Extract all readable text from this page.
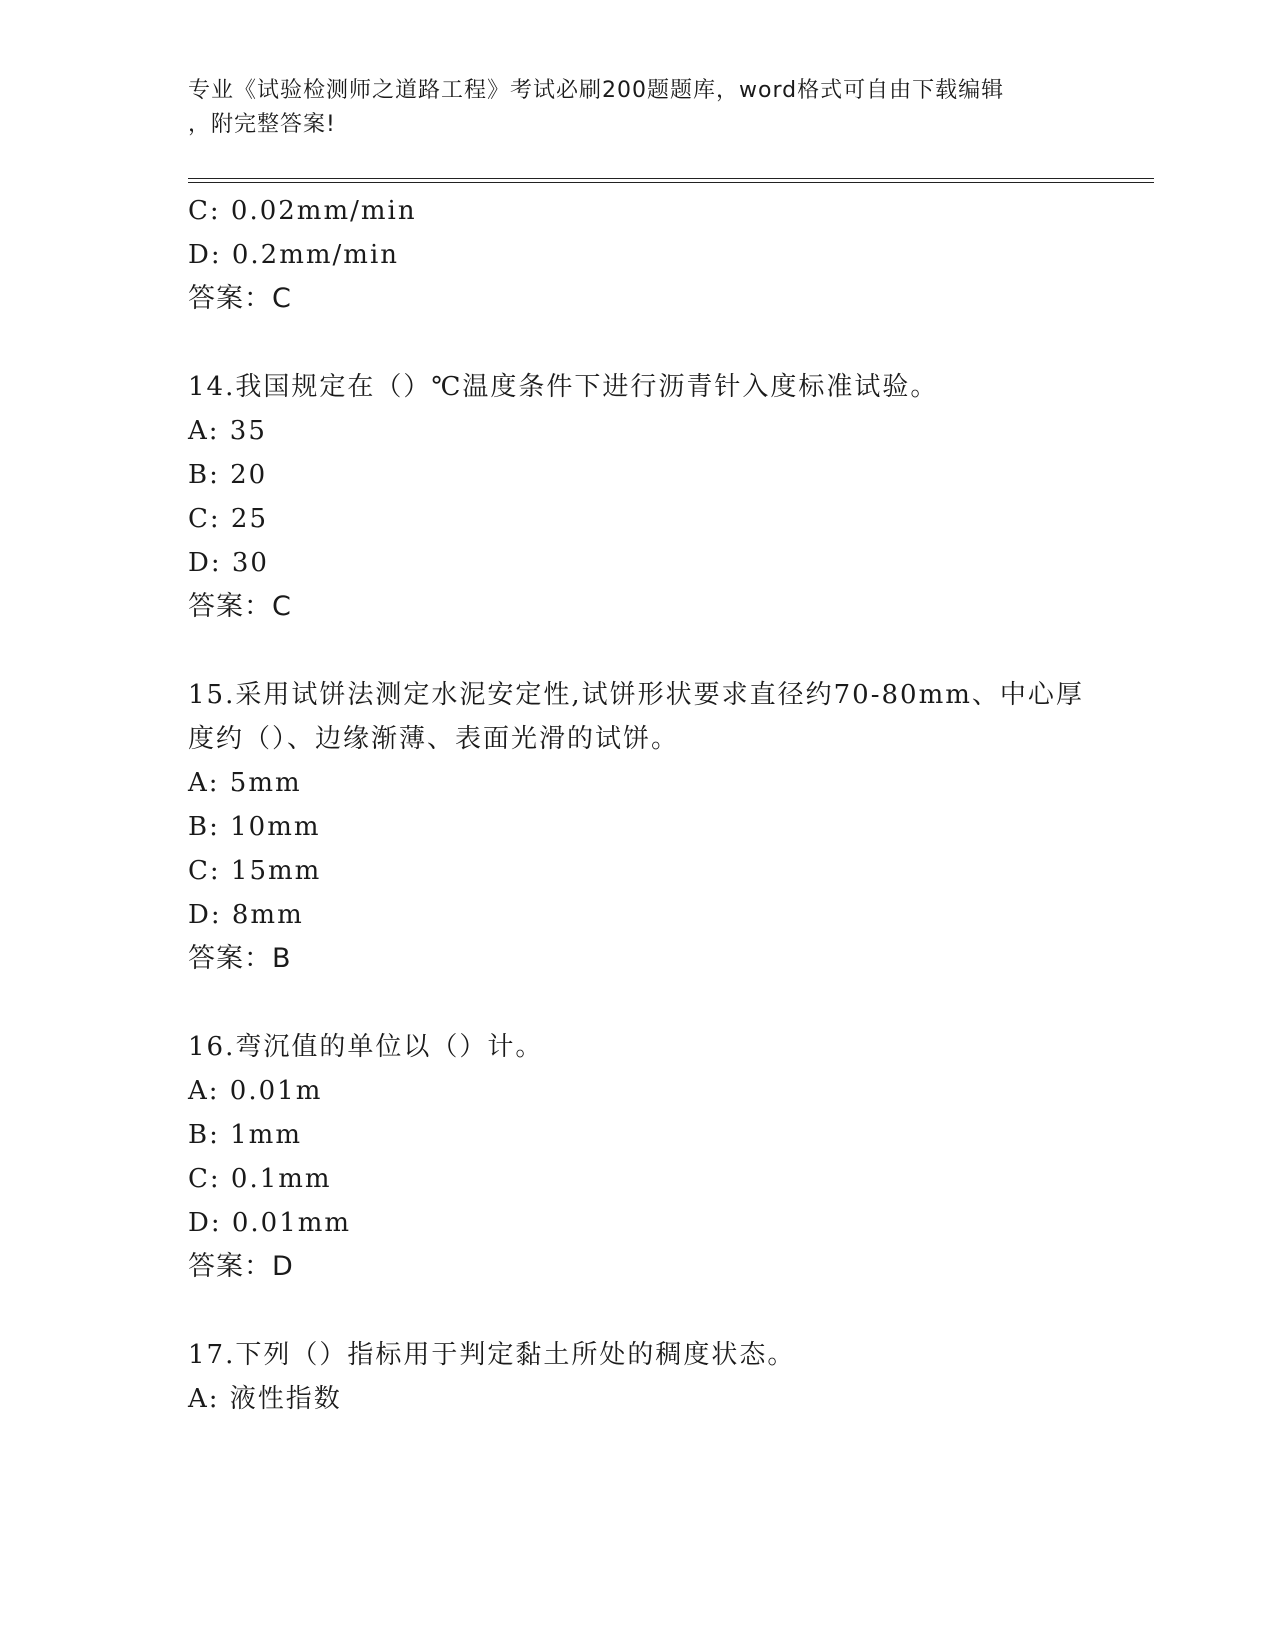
专业《试验检测师之道路工程》考试必刷200题题库，word格式可自由下载编辑
，附完整答案!
C: 0.02mm/min
D: 0.2mm/min
答案：C
14.我国规定在（）℃温度条件下进行沥青针入度标准试验。
A: 35
B: 20
C: 25
D: 30
答案：C
15.采用试饼法测定水泥安定性,试饼形状要求直径约70-80mm、中心厚
度约（）、边缘渐薄、表面光滑的试饼。
A: 5mm
B: 10mm
C: 15mm
D: 8mm
答案：B
16.弯沉值的单位以（）计。
A: 0.01m
B: 1mm
C: 0.1mm
D: 0.01mm
答案：D
17.下列（）指标用于判定黏土所处的稠度状态。
A: 液性指数
